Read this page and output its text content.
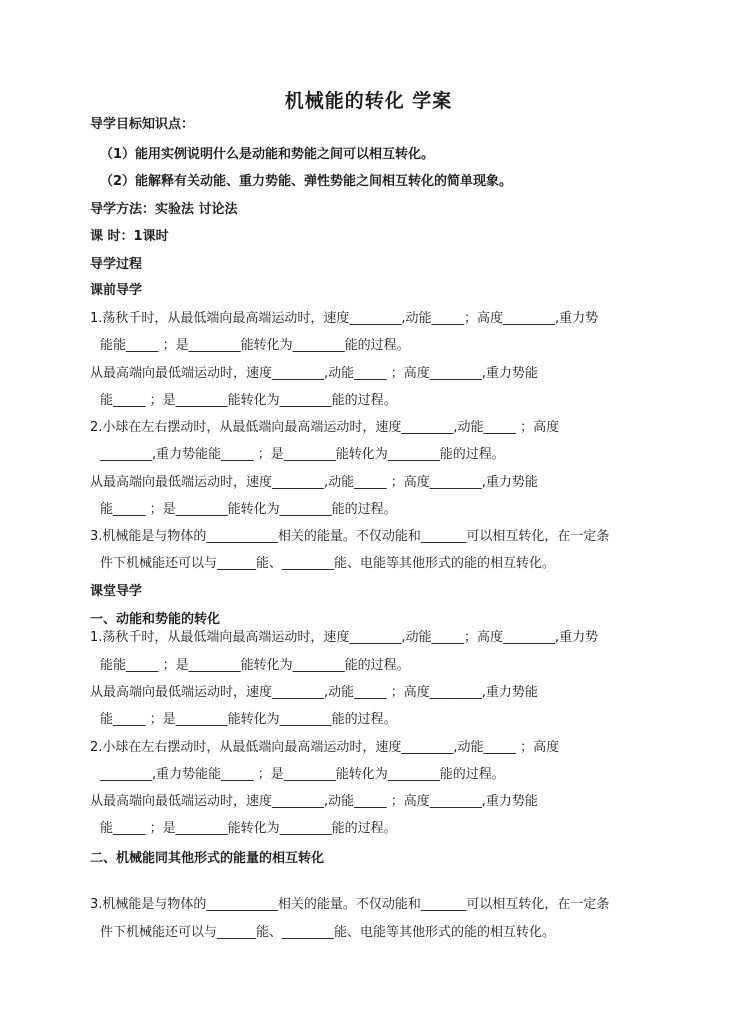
机械能的转化 学案
导学目标知识点：
（1）能用实例说明什么是动能和势能之间可以相互转化。
（2）能解释有关动能、重力势能、弹性势能之间相互转化的简单现象。
导学方法：实验法 讨论法
课 时：1课时
导学过程
课前导学
1.荡秋千时，从最低端向最高端运动时，速度________,动能_____；高度________,重力势
能能_____ ；是________能转化为________能的过程。
从最高端向最低端运动时，速度________,动能_____ ；高度________,重力势能
能_____ ；是________能转化为________能的过程。
2.小球在左右摆动时，从最低端向最高端运动时，速度________,动能_____ ；高度
________,重力势能能_____ ；是________能转化为________能的过程。
从最高端向最低端运动时，速度________,动能_____ ；高度________,重力势能
能_____ ；是________能转化为________能的过程。
3.机械能是与物体的___________相关的能量。不仅动能和_______可以相互转化，在一定条
件下机械能还可以与______能、________能、电能等其他形式的能的相互转化。
课堂导学
一、动能和势能的转化
1.荡秋千时，从最低端向最高端运动时，速度________,动能_____；高度________,重力势
能能_____ ；是________能转化为________能的过程。
从最高端向最低端运动时，速度________,动能_____ ；高度________,重力势能
能_____ ；是________能转化为________能的过程。
2.小球在左右摆动时，从最低端向最高端运动时，速度________,动能_____ ；高度
________,重力势能能_____ ；是________能转化为________能的过程。
从最高端向最低端运动时，速度________,动能_____ ；高度________,重力势能
能_____ ；是________能转化为________能的过程。
二、机械能同其他形式的能量的相互转化
3.机械能是与物体的___________相关的能量。不仅动能和_______可以相互转化，在一定条
件下机械能还可以与______能、________能、电能等其他形式的能的相互转化。
